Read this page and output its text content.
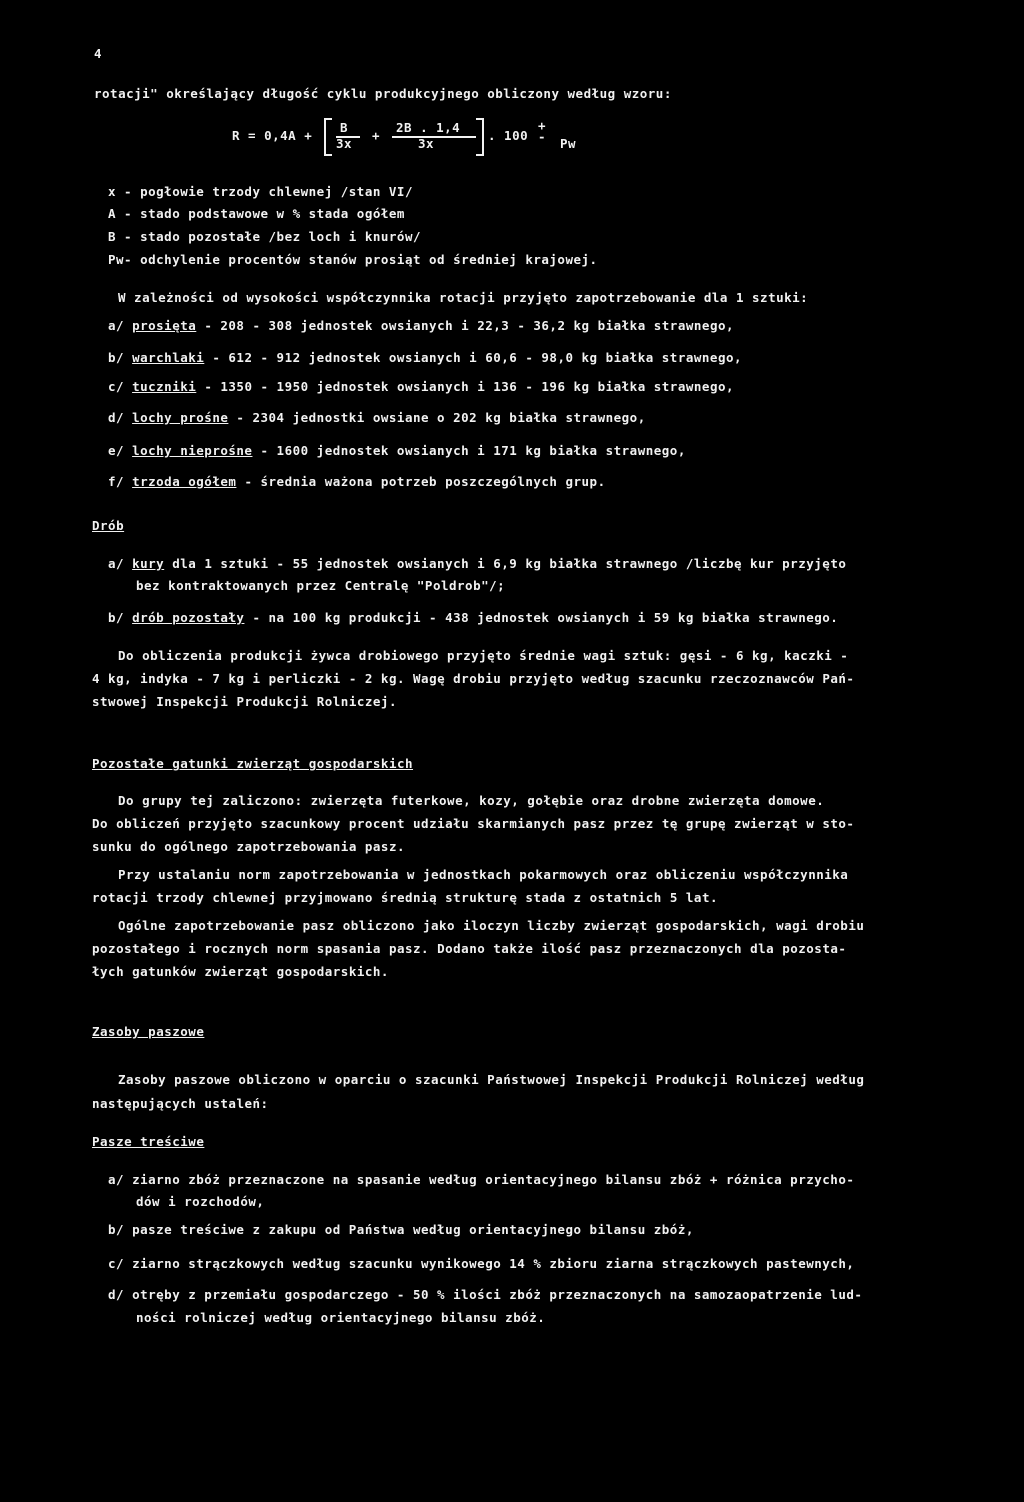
4
rotacji" określający długość cyklu produkcyjnego obliczony według wzoru:
R = 0,4A +
B
3x
+
2B . 1,4
3x
. 100
+
- Pw
x - pogłowie trzody chlewnej /stan VI/
A - stado podstawowe w % stada ogółem
B - stado pozostałe /bez loch i knurów/
Pw- odchylenie procentów stanów prosiąt od średniej krajowej.
W zależności od wysokości współczynnika rotacji przyjęto zapotrzebowanie dla 1 sztuki:
a/ prosięta - 208 - 308 jednostek owsianych i 22,3 - 36,2 kg białka strawnego,
b/ warchlaki - 612 - 912 jednostek owsianych i 60,6 - 98,0 kg białka strawnego,
c/ tuczniki - 1350 - 1950 jednostek owsianych i 136 - 196 kg białka strawnego,
d/ lochy prośne - 2304 jednostki owsiane o 202 kg białka strawnego,
e/ lochy nieprośne - 1600 jednostek owsianych i 171 kg białka strawnego,
f/ trzoda ogółem - średnia ważona potrzeb poszczególnych grup.
Drób
a/ kury dla 1 sztuki - 55 jednostek owsianych i 6,9 kg białka strawnego /liczbę kur przyjęto
bez kontraktowanych przez Centralę "Poldrob"/;
b/ drób pozostały - na 100 kg produkcji - 438 jednostek owsianych i 59 kg białka strawnego.
Do obliczenia produkcji żywca drobiowego przyjęto średnie wagi sztuk: gęsi - 6 kg, kaczki -
4 kg, indyka - 7 kg i perliczki - 2 kg. Wagę drobiu przyjęto według szacunku rzeczoznawców Pań-
stwowej Inspekcji Produkcji Rolniczej.
Pozostałe gatunki zwierząt gospodarskich
Do grupy tej zaliczono: zwierzęta futerkowe, kozy, gołębie oraz drobne zwierzęta domowe.
Do obliczeń przyjęto szacunkowy procent udziału skarmianych pasz przez tę grupę zwierząt w sto-
sunku do ogólnego zapotrzebowania pasz.
Przy ustalaniu norm zapotrzebowania w jednostkach pokarmowych oraz obliczeniu współczynnika
rotacji trzody chlewnej przyjmowano średnią strukturę stada z ostatnich 5 lat.
Ogólne zapotrzebowanie pasz obliczono jako iloczyn liczby zwierząt gospodarskich, wagi drobiu
pozostałego i rocznych norm spasania pasz. Dodano także ilość pasz przeznaczonych dla pozosta-
łych gatunków zwierząt gospodarskich.
Zasoby paszowe
Zasoby paszowe obliczono w oparciu o szacunki Państwowej Inspekcji Produkcji Rolniczej według
następujących ustaleń:
Pasze treściwe
a/ ziarno zbóż przeznaczone na spasanie według orientacyjnego bilansu zbóż + różnica przycho-
dów i rozchodów,
b/ pasze treściwe z zakupu od Państwa według orientacyjnego bilansu zbóż,
c/ ziarno strączkowych według szacunku wynikowego 14 % zbioru ziarna strączkowych pastewnych,
d/ otręby z przemiału gospodarczego - 50 % ilości zbóż przeznaczonych na samozaopatrzenie lud-
ności rolniczej według orientacyjnego bilansu zbóż.
